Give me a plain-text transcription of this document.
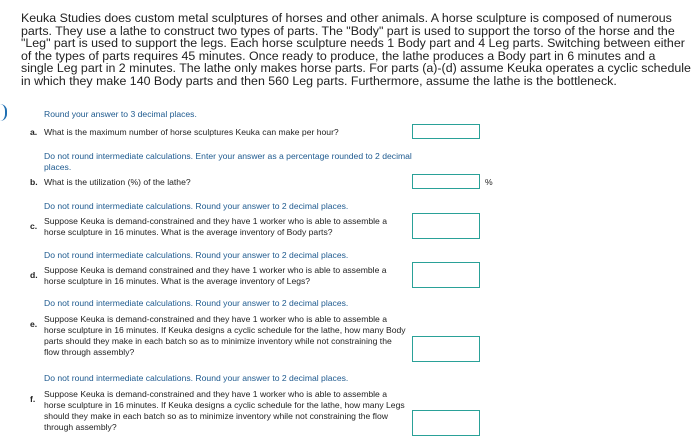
Keuka Studies does custom metal sculptures of horses and other animals. A horse sculpture is composed of numerous parts. They use a lathe to construct two types of parts. The "Body" part is used to support the torso of the horse and the "Leg" part is used to support the legs. Each horse sculpture needs 1 Body part and 4 Leg parts. Switching between either of the types of parts requires 45 minutes. Once ready to produce, the lathe produces a Body part in 6 minutes and a single Leg part in 2 minutes. The lathe only makes horse parts. For parts (a)-(d) assume Keuka operates a cyclic schedule in which they make 140 Body parts and then 560 Leg parts. Furthermore, assume the lathe is the bottleneck.
Round your answer to 3 decimal places.
a. What is the maximum number of horse sculptures Keuka can make per hour?
Do not round intermediate calculations. Enter your answer as a percentage rounded to 2 decimal places.
b. What is the utilization (%) of the lathe?	%
Do not round intermediate calculations. Round your answer to 2 decimal places.
c. Suppose Keuka is demand-constrained and they have 1 worker who is able to assemble a horse sculpture in 16 minutes. What is the average inventory of Body parts?
Do not round intermediate calculations. Round your answer to 2 decimal places.
d. Suppose Keuka is demand constrained and they have 1 worker who is able to assemble a horse sculpture in 16 minutes. What is the average inventory of Legs?
Do not round intermediate calculations. Round your answer to 2 decimal places.
e. Suppose Keuka is demand-constrained and they have 1 worker who is able to assemble a horse sculpture in 16 minutes. If Keuka designs a cyclic schedule for the lathe, how many Body parts should they make in each batch so as to minimize inventory while not constraining the flow through assembly?
Do not round intermediate calculations. Round your answer to 2 decimal places.
f. Suppose Keuka is demand-constrained and they have 1 worker who is able to assemble a horse sculpture in 16 minutes. If Keuka designs a cyclic schedule for the lathe, how many Legs should they make in each batch so as to minimize inventory while not constraining the flow through assembly?
